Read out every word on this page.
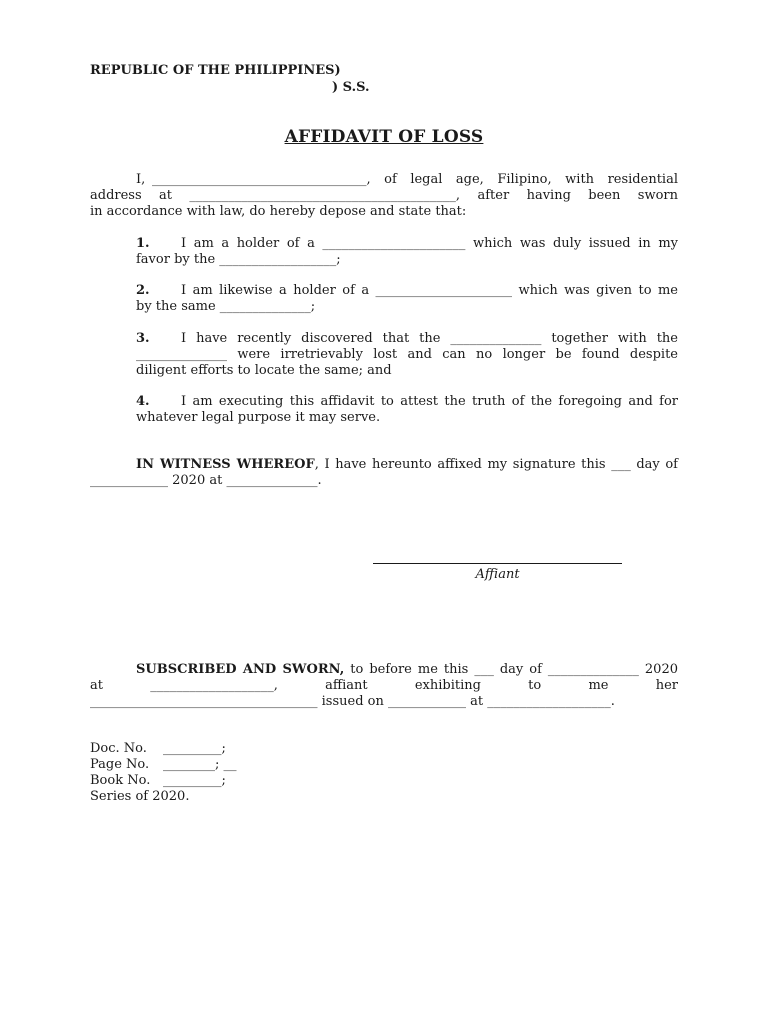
REPUBLIC OF THE PHILIPPINES)
) S.S.
AFFIDAVIT OF LOSS
I, _________________________________, of legal age, Filipino, with residential
address at _________________________________________, after having been sworn
in accordance with law, do hereby depose and state that:
1. I am a holder of a ______________________ which was duly issued in my
favor by the __________________;
2. I am likewise a holder of a _____________________ which was given to me
by the same ______________;
3. I have recently discovered that the ______________ together with the
______________ were irretrievably lost and can no longer be found despite
diligent efforts to locate the same; and
4. I am executing this affidavit to attest the truth of the foregoing and for
whatever legal purpose it may serve.
IN WITNESS WHEREOF, I have hereunto affixed my signature this ___ day of
____________ 2020 at ______________.
Affiant
SUBSCRIBED AND SWORN, to before me this ___ day of ______________ 2020
at ___________________, affiant exhibiting to me her
___________________________________ issued on ____________ at ___________________.
Doc. No. _________;
Page No. ________; __
Book No. _________;
Series of 2020.
